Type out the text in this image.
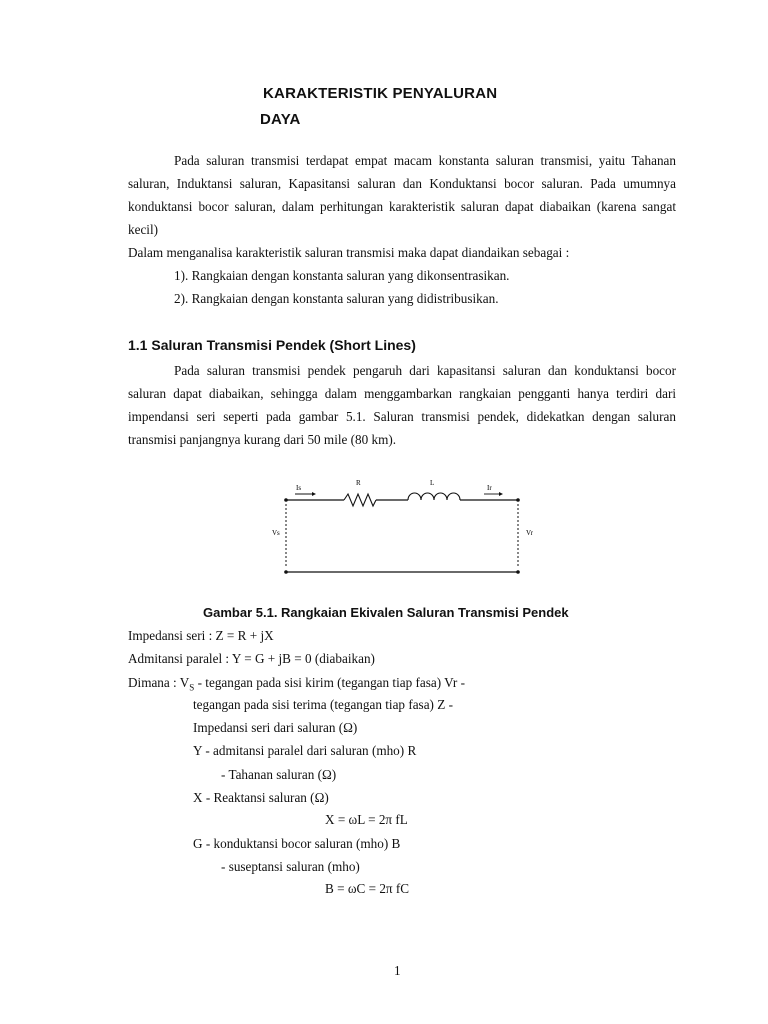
KARAKTERISTIK PENYALURAN
DAYA

Pada saluran transmisi terdapat empat macam konstanta saluran transmisi, yaitu Tahanan saluran, Induktansi saluran, Kapasitansi saluran dan Konduktansi bocor saluran. Pada umumnya konduktansi bocor saluran, dalam perhitungan karakteristik saluran dapat diabaikan (karena sangat kecil)

Dalam menganalisa karakteristik saluran transmisi maka dapat diandaikan sebagai :
1). Rangkaian dengan konstanta saluran yang dikonsentrasikan.
2). Rangkaian dengan konstanta saluran yang didistribusikan.
1.1 Saluran Transmisi Pendek (Short Lines)

Pada saluran transmisi pendek pengaruh dari kapasitansi saluran dan konduktansi bocor saluran dapat diabaikan, sehingga dalam menggambarkan rangkaian pengganti hanya terdiri dari impendansi seri seperti pada gambar 5.1. Saluran transmisi pendek, didekatkan dengan saluran transmisi panjangnya kurang dari 50 mile (80 km).

Is
R	L
Ir
Vs	Vr
Gambar 5.1. Rangkaian Ekivalen Saluran Transmisi Pendek
Impedansi seri : Z = R + jX
Admitansi paralel : Y = G + jB = 0 (diabaikan)
Dimana : $V_S$ - tegangan pada sisi kirim (tegangan tiap fasa) Vr -
tegangan pada sisi terima (tegangan tiap fasa) Z -
Impedansi seri dari saluran (Ω)
Y - admitansi paralel dari saluran (mho) R
- Tahanan saluran (Ω)
X - Reaktansi saluran (Ω)
X = ωL = 2π fL
G - konduktansi bocor saluran (mho) B
- suseptansi saluran (mho)
B = ωC = 2π fC
1
